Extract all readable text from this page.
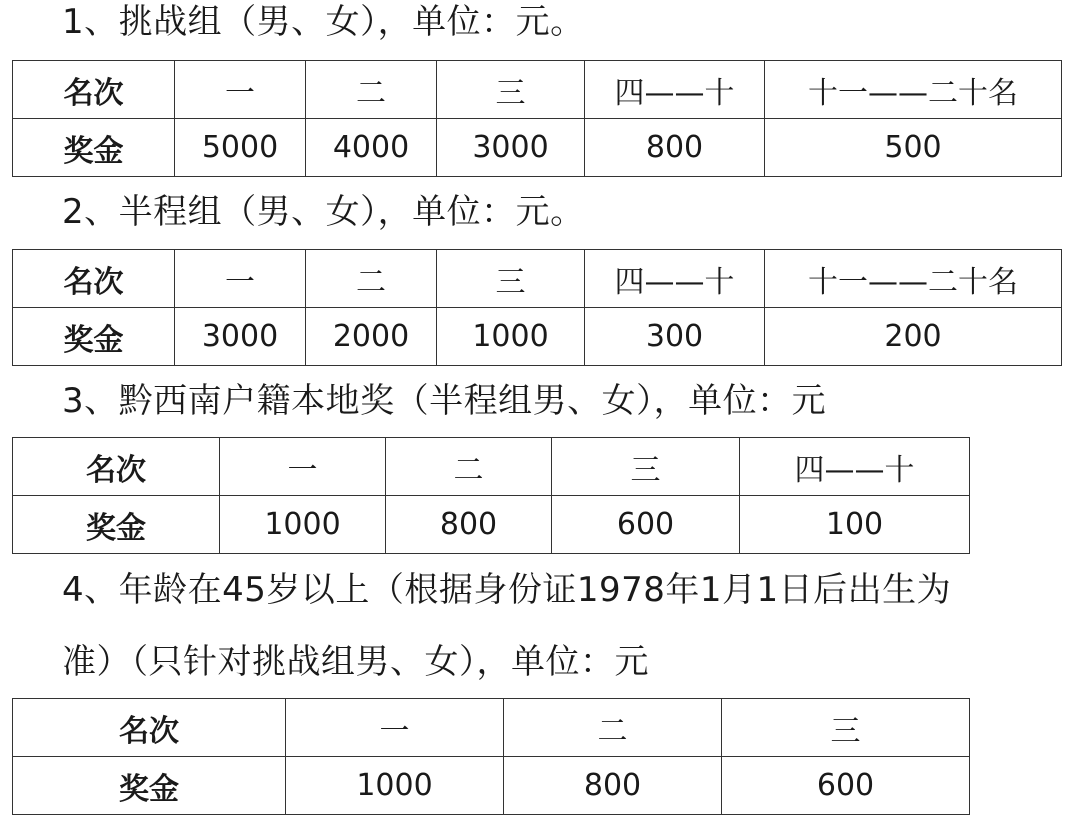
1、挑战组（男、女），单位：元。
名次	一	二	三	四——十	十一——二十名
奖金	5000	4000	3000	800	500
2、半程组（男、女），单位：元。
名次	一	二	三	四——十	十一——二十名
奖金	3000	2000	1000	300	200
3、黔西南户籍本地奖（半程组男、女），单位：元
名次	一	二	三	四——十
奖金	1000	800	600	100
4、年龄在45岁以上（根据身份证1978年1月1日后出生为
准）（只针对挑战组男、女），单位：元
名次	一	二	三
奖金	1000	800	600
